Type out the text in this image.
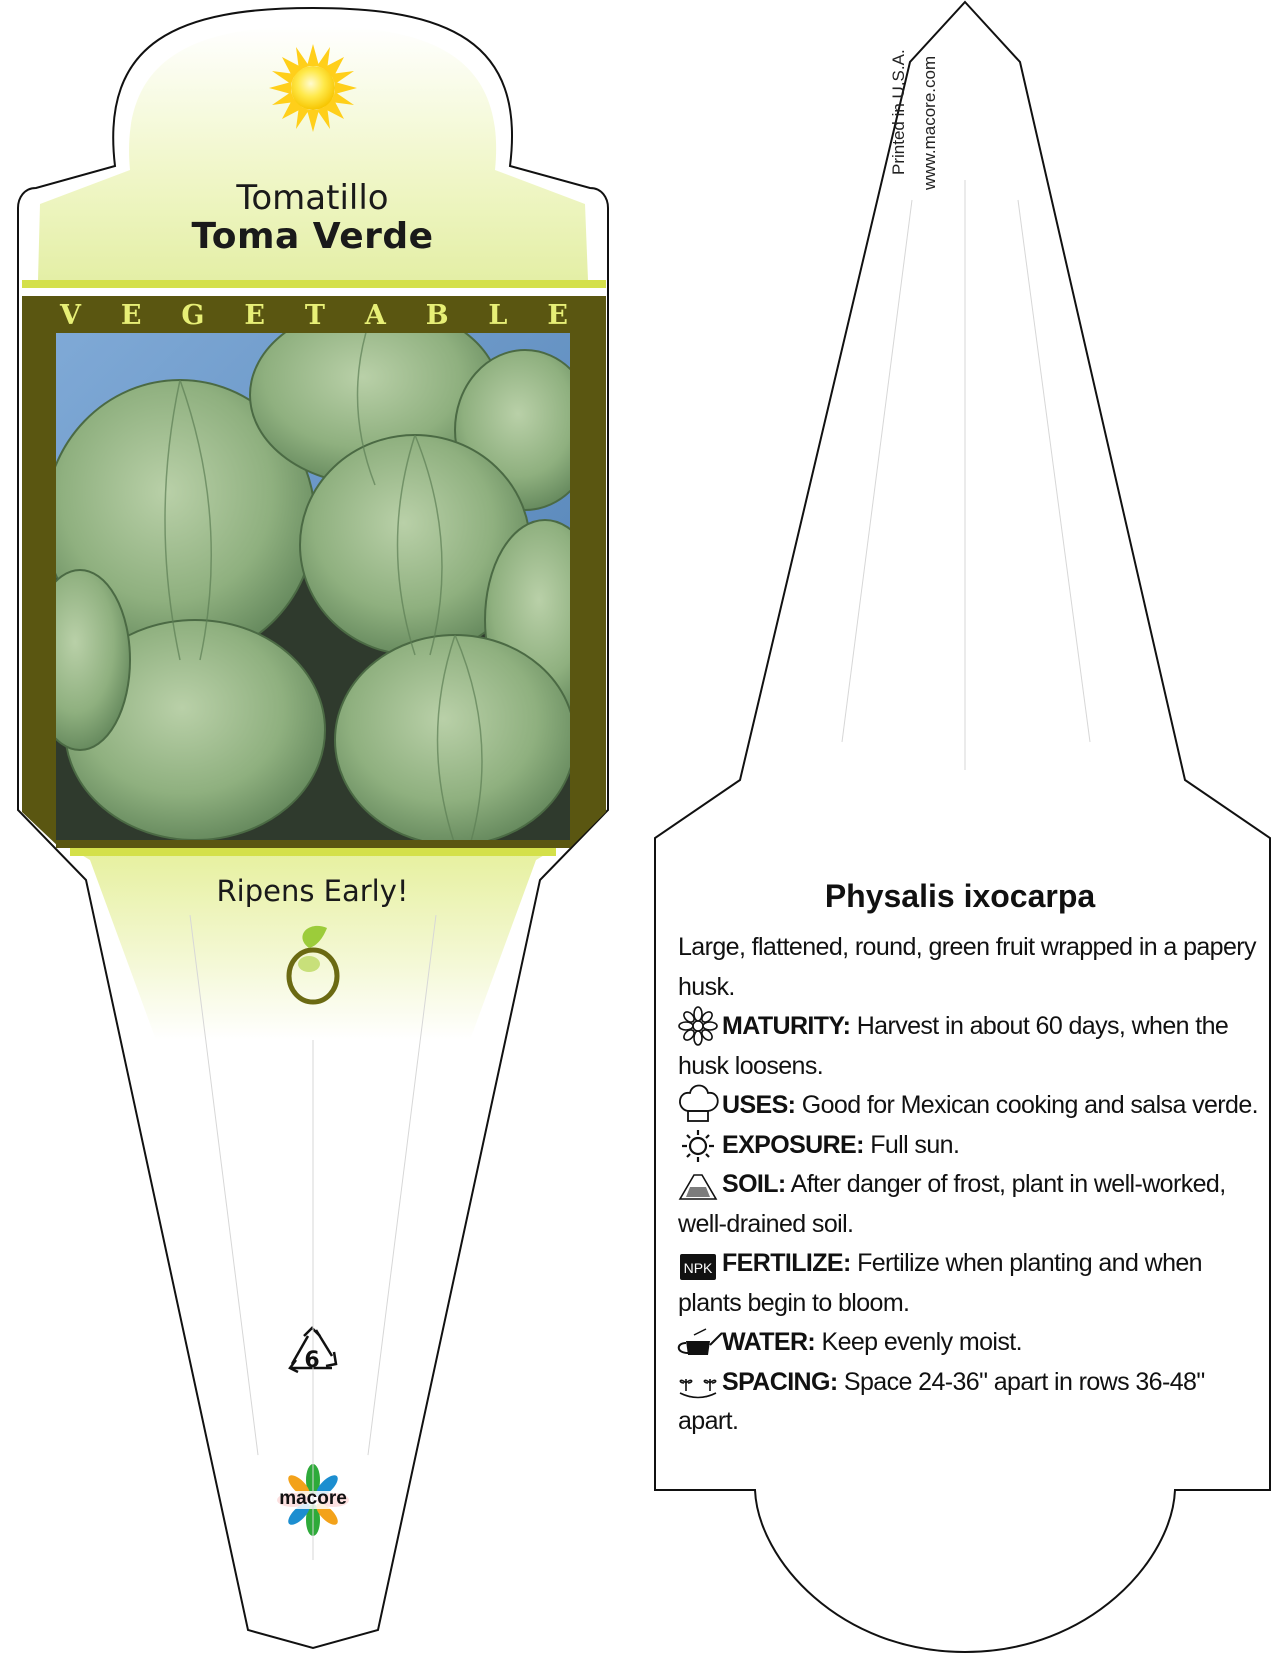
NPK
Tomatillo
Toma Verde
V E G E T A B L E
Ripens Early!
6
macore
Printed in U.S.A. www.macore.com
Physalis ixocarpa
Large, flattened, round, green fruit wrapped in a papery husk.
MATURITY: Harvest in about 60 days, when the husk loosens.
USES: Good for Mexican cooking and salsa verde.
EXPOSURE: Full sun.
SOIL: After danger of frost, plant in well-worked, well-drained soil.
FERTILIZE: Fertilize when planting and when plants begin to bloom.
WATER: Keep evenly moist.
SPACING: Space 24-36" apart in rows 36-48" apart.
